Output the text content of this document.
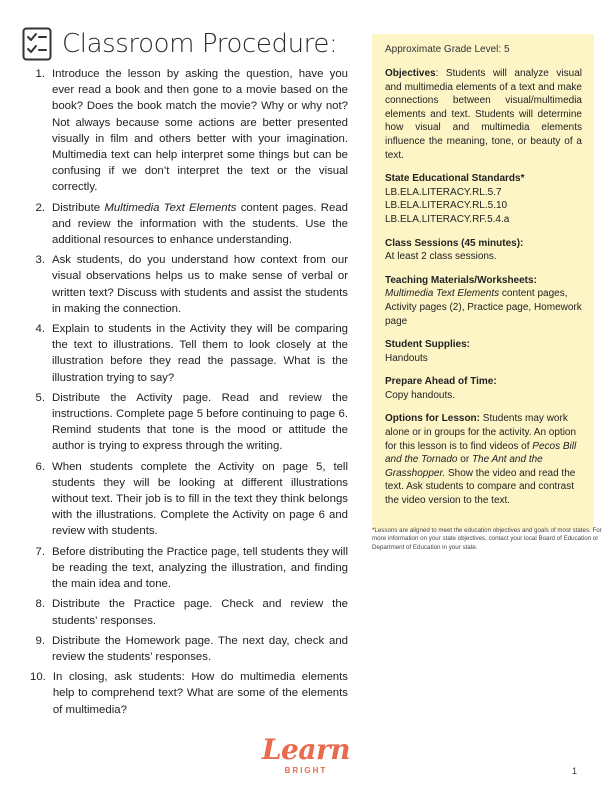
Classroom Procedure:
1. Introduce the lesson by asking the question, have you ever read a book and then gone to a movie based on the book? Does the book match the movie? Why or why not? Not always because some actions are better presented visually in film and others better with your imagination. Multimedia text can help interpret some things but can be confusing if we don’t interpret the text or the visual correctly.
2. Distribute Multimedia Text Elements content pages. Read and review the information with the students. Use the additional resources to enhance understanding.
3. Ask students, do you understand how context from our visual observations helps us to make sense of verbal or written text? Discuss with students and assist the students in making the connection.
4. Explain to students in the Activity they will be comparing the text to illustrations. Tell them to look closely at the illustration before they read the passage. What is the illustration trying to say?
5. Distribute the Activity page. Read and review the instructions. Complete page 5 before continuing to page 6. Remind students that tone is the mood or attitude the author is trying to express through the writing.
6. When students complete the Activity on page 5, tell students they will be looking at different illustrations without text. Their job is to fill in the text they think belongs with the illustrations. Complete the Activity on page 6 and review with students.
7. Before distributing the Practice page, tell students they will be reading the text, analyzing the illustration, and finding the main idea and tone.
8. Distribute the Practice page. Check and review the students’ responses.
9. Distribute the Homework page. The next day, check and review the students’ responses.
10. In closing, ask students: How do multimedia elements help to comprehend text? What are some of the elements of multimedia?
Approximate Grade Level: 5
Objectives: Students will analyze visual and multimedia elements of a text and make connections between visual/multimedia elements and text. Students will determine how visual and multimedia elements influence the meaning, tone, or beauty of a text.
State Educational Standards*
LB.ELA.LITERACY.RL.5.7
LB.ELA.LITERACY.RL.5.10
LB.ELA.LITERACY.RF.5.4.a
Class Sessions (45 minutes):
At least 2 class sessions.
Teaching Materials/Worksheets:
Multimedia Text Elements content pages, Activity pages (2), Practice page, Homework page
Student Supplies:
Handouts
Prepare Ahead of Time:
Copy handouts.
Options for Lesson: Students may work alone or in groups for the activity. An option for this lesson is to find videos of Pecos Bill and the Tornado or The Ant and the Grasshopper. Show the video and read the text. Ask students to compare and contrast the video version to the text.
*Lessons are aligned to meet the education objectives and goals of most states. For more information on your state objectives, contact your local Board of Education or Department of Education in your state.
Learn
BRIGHT	1
